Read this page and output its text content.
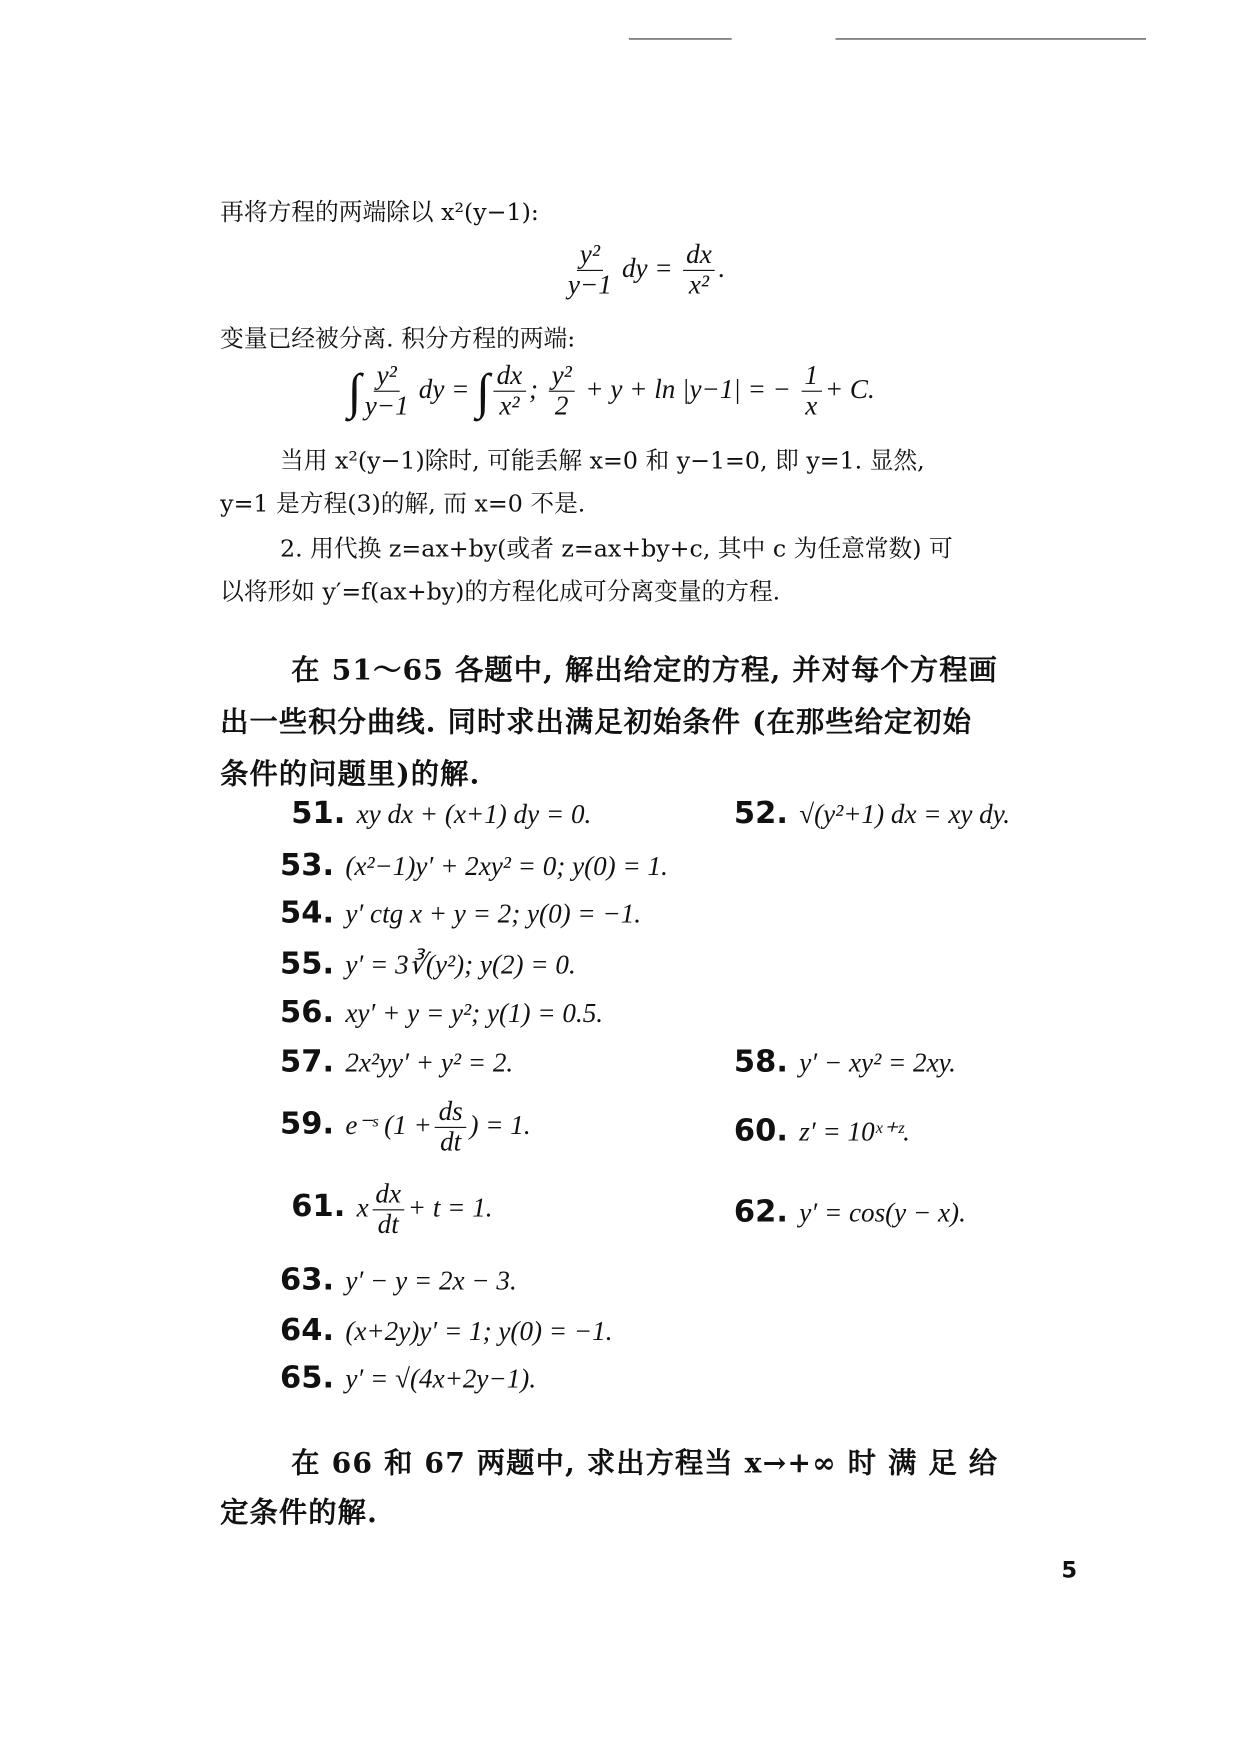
再将方程的两端除以 x²(y−1):
$\frac{\text{y²}}{y-1}$ dy = $\frac{dx}{\text{x²}}$ .
变量已经被分离. 积分方程的两端:
∫ $\frac{\text{y²}}{y-1}$ dy = ∫ $\frac{dx}{\text{x²}}$ ; $\frac{\text{y²}}{2} + y + \ln |y-1|$ = − $\frac{1}{x} + C$.
当用 x²(y−1)除时, 可能丢解 x=0 和 y−1=0, 即 y=1. 显然,
y=1 是方程(3)的解, 而 x=0 不是.
2. 用代换 z=ax+by(或者 z=ax+by+c, 其中 c 为任意常数) 可
以将形如 y′=f(ax+by)的方程化成可分离变量的方程.
在 51～65 各题中, 解出给定的方程, 并对每个方程画
出一些积分曲线. 同时求出满足初始条件 (在那些给定初始
条件的问题里)的解.
51. xy dx + (x+1) dy = 0.	52. √(y²+1) dx = xy dy.
53. (x²−1)y′ + 2xy² = 0; y(0) = 1.
54. y′ ctg x + y = 2; y(0) = −1.
55. y′ = 3∛(y²); y(2) = 0.
56. xy′ + y = y²; y(1) = 0.5.
57. 2x²yy′ + y² = 2.	58. y′ − xy² = 2xy.
59. e⁻ˢ ($1 + \frac{ds}{dt}$ ) = 1.	60. z′ = 10ˣ⁺ᶻ.
61. x $\frac{dx}{dt} + t = 1$.	62. y′ = cos(y − x).
63. y′ − y = 2x − 3.
64. (x+2y)y′ = 1; y(0) = −1.
65. y′ = √(4x+2y−1).
在 66 和 67 两题中, 求出方程当 x→+∞ 时 满 足 给
定条件的解.
5
